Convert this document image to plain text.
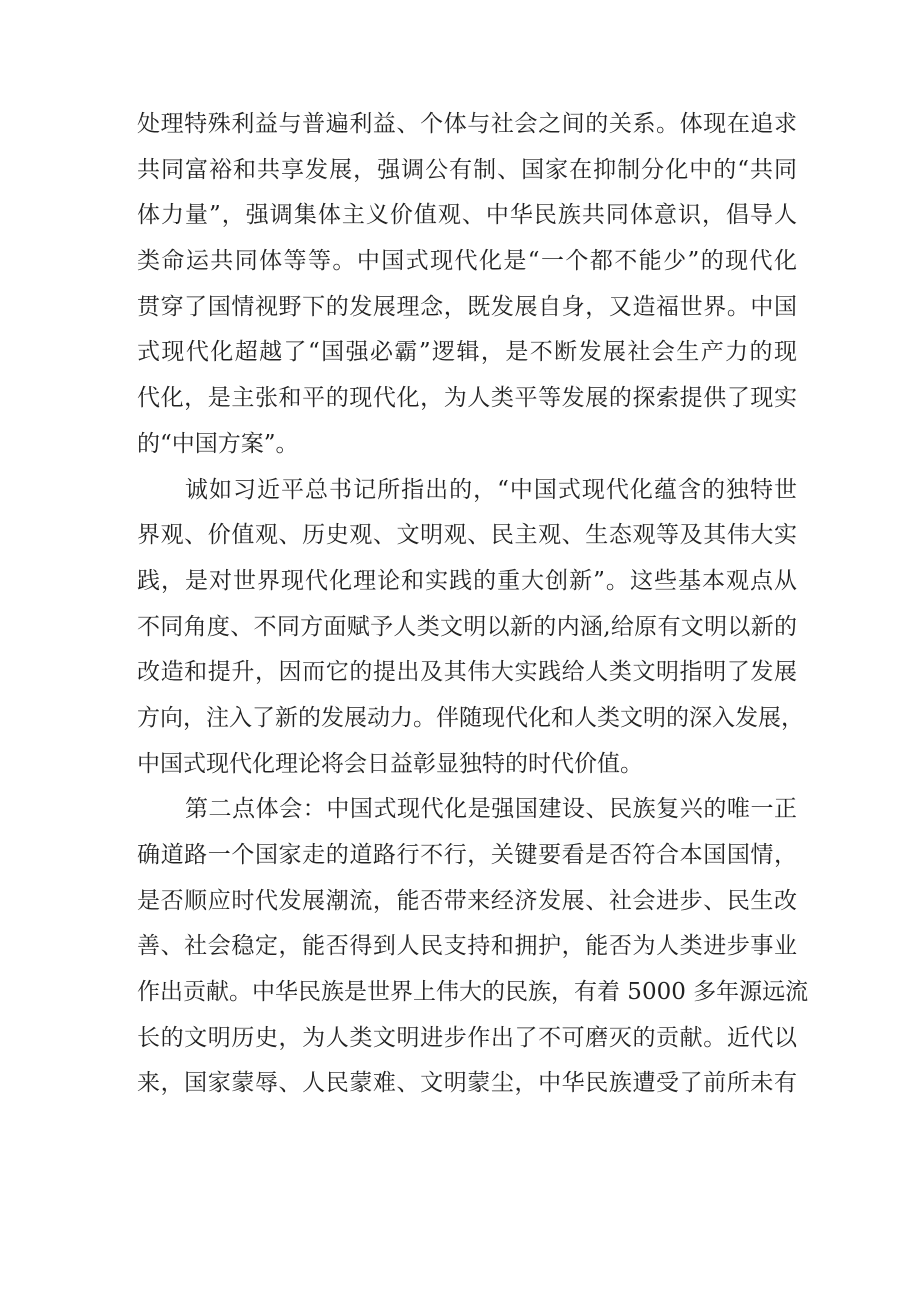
处理特殊利益与普遍利益、个体与社会之间的关系。体现在追求
共同富裕和共享发展，强调公有制、国家在抑制分化中的“共同
体力量”，强调集体主义价值观、中华民族共同体意识，倡导人
类命运共同体等等。中国式现代化是“一个都不能少”的现代化
贯穿了国情视野下的发展理念，既发展自身，又造福世界。中国
式现代化超越了“国强必霸”逻辑，是不断发展社会生产力的现
代化，是主张和平的现代化，为人类平等发展的探索提供了现实
的“中国方案”。
诚如习近平总书记所指出的，“中国式现代化蕴含的独特世
界观、价值观、历史观、文明观、民主观、生态观等及其伟大实
践，是对世界现代化理论和实践的重大创新”。这些基本观点从
不同角度、不同方面赋予人类文明以新的内涵,给原有文明以新的
改造和提升，因而它的提出及其伟大实践给人类文明指明了发展
方向，注入了新的发展动力。伴随现代化和人类文明的深入发展，
中国式现代化理论将会日益彰显独特的时代价值。
第二点体会：中国式现代化是强国建设、民族复兴的唯一正
确道路一个国家走的道路行不行，关键要看是否符合本国国情，
是否顺应时代发展潮流，能否带来经济发展、社会进步、民生改
善、社会稳定，能否得到人民支持和拥护，能否为人类进步事业
作出贡献。中华民族是世界上伟大的民族，有着 5000 多年源远流
长的文明历史，为人类文明进步作出了不可磨灭的贡献。近代以
来，国家蒙辱、人民蒙难、文明蒙尘，中华民族遭受了前所未有
